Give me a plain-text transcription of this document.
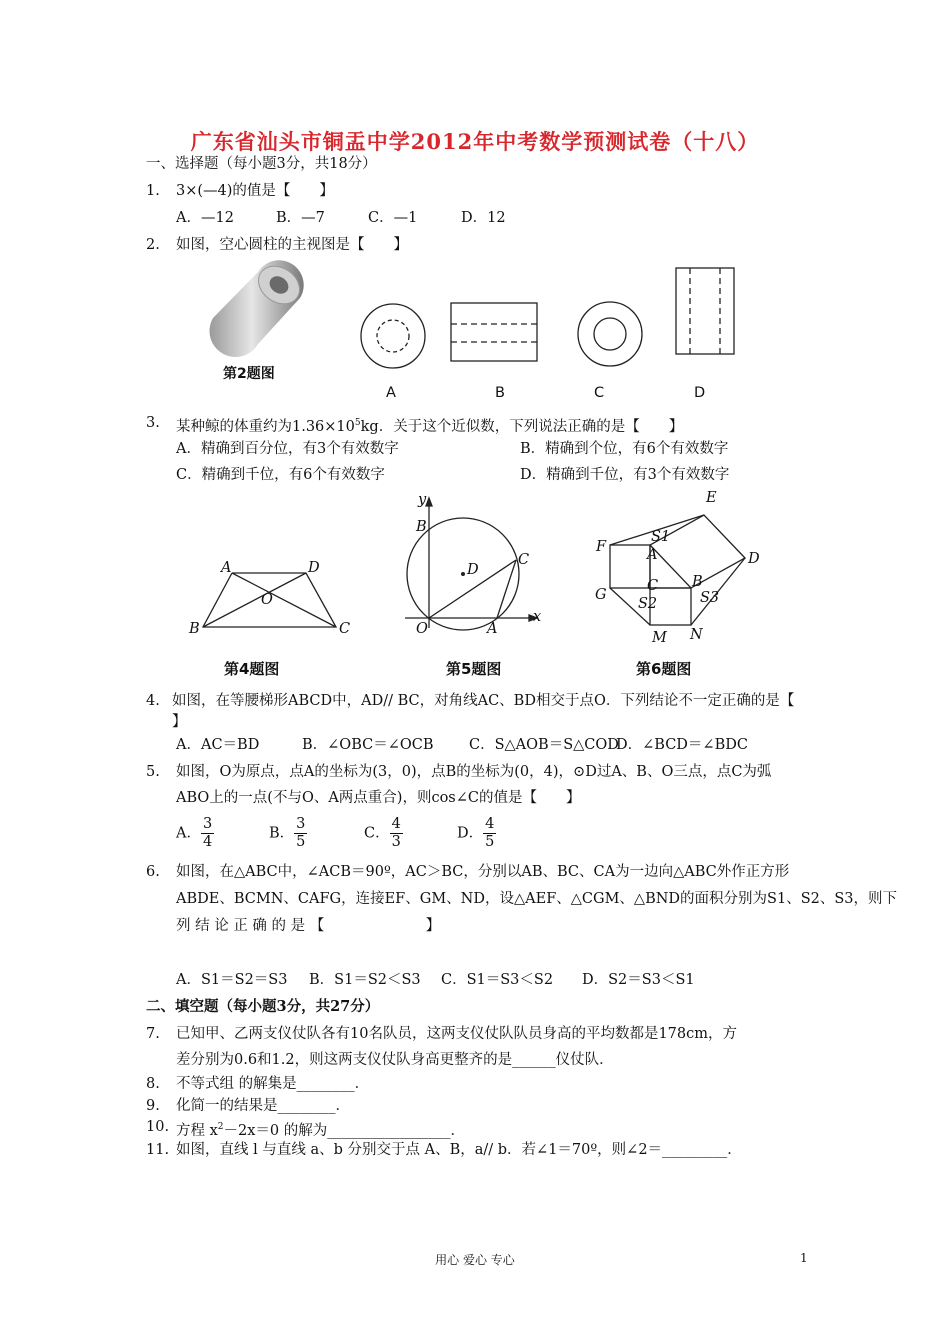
广东省汕头市铜盂中学2012年中考数学预测试卷（十八）
一、选择题（每小题3分，共18分）
1. 3×(—4)的值是【　　】
A．—12	B．—7	C．—1	D．12
2. 如图，空心圆柱的主视图是【　　】
第2题图
A	B	C	D
3. 某种鲸的体重约为$1.36\times 10^5kg$．关于这个近似数，下列说法正确的是【　　】
A．精确到百分位，有3个有效数字	B．精确到个位，有6个有效数字
C．精确到千位，有6个有效数字	D．精确到千位，有3个有效数字
A	D
O
B	C
第4题图
y
B
D
C
O	A
x
第5题图
E
S1
F	A	D
C
G
B
S2	S3
M N
第6题图
4. 如图，在等腰梯形ABCD中，AD// BC，对角线AC、BD相交于点O．下列结论不一定正确的是【
】
A．AC＝BD	B．∠OBC＝∠OCB C．S△AOB＝S△COD
D．∠BCD＝∠BDC
5. 如图，O为原点，点A的坐标为(3，0)，点B的坐标为(0，4)，⊙D过A、B、O三点，点C为弧
ABO上的一点(不与O、A两点重合)，则cos∠C的值是【　　】
A． $\frac{3}{4}$	B． $\frac{3}{5}$	C． $\frac{4}{3}$	D． $\frac{4}{5}$
6. 如图，在△ABC中，∠ACB＝90º，AC＞BC，分别以AB、BC、CA为一边向△ABC外作正方形
ABDE、BCMN、CAFG，连接EF、GM、ND，设△AEF、△CGM、△BND的面积分别为S1、S2、S3，则下
列 结 论 正 确 的 是 【　　　　　　　】
A．S1＝S2＝S3 B．S1＝S2＜S3 C．S1＝S3＜S2 D．S2＝S3＜S1
二、填空题（每小题3分，共27分）
7. 已知甲、乙两支仪仗队各有10名队员，这两支仪仗队队员身高的平均数都是178cm，方
差分别为0.6和1.2，则这两支仪仗队身高更整齐的是______仪仗队．
8. 不等式组 的解集是________．
9. 化简一的结果是________．
10. 方程 $x^2-2x=0$ 的解为_________________．
11. 如图，直线 l 与直线 a、b 分别交于点 A、B，a// b．若∠1＝70º，则∠2＝_________．
用心 爱心 专心	1
